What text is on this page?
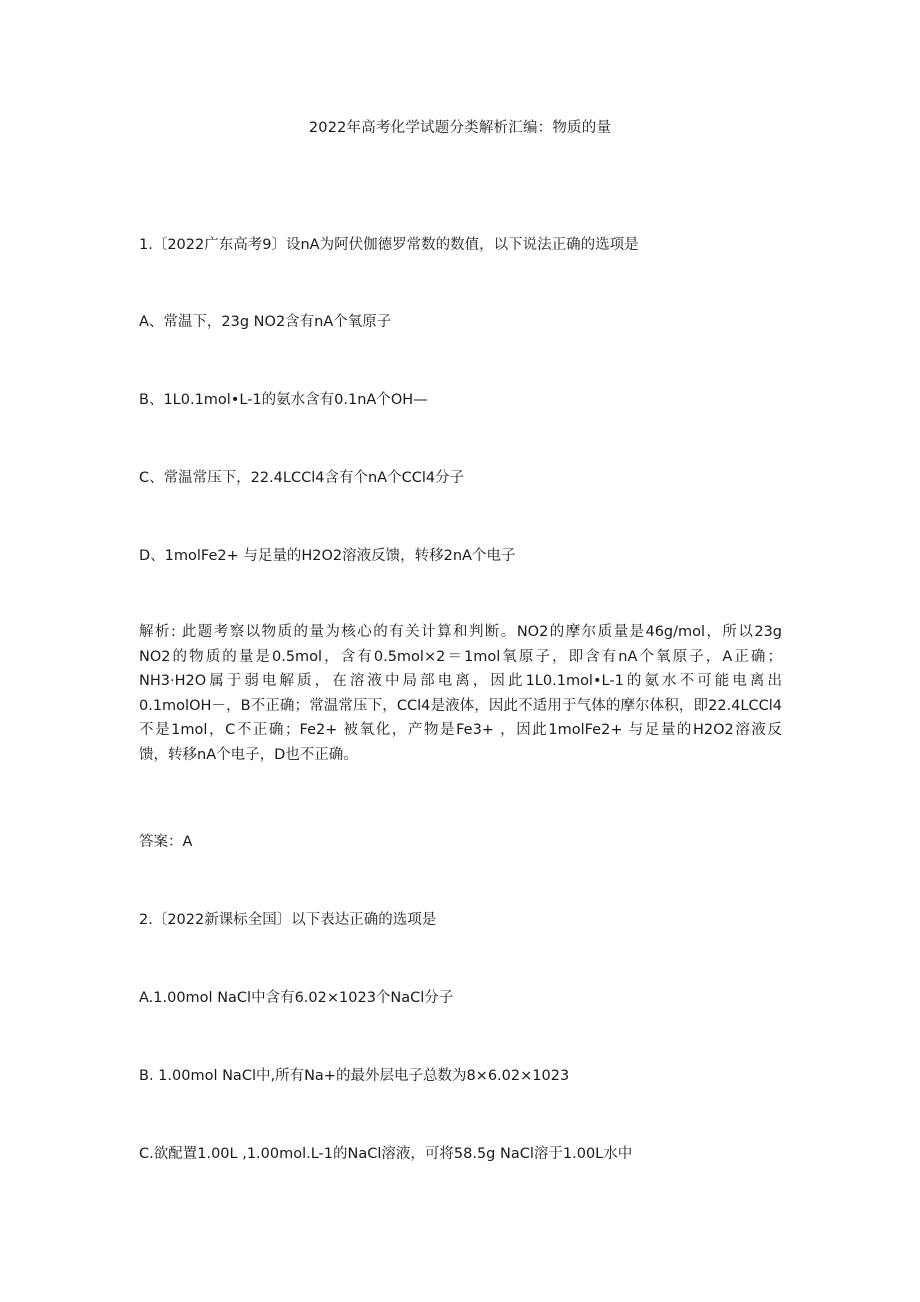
2022年高考化学试题分类解析汇编：物质的量
1.〔2022广东高考9〕设nA为阿伏伽德罗常数的数值，以下说法正确的选项是
A、常温下，23g NO2含有nA个氧原子
B、1L0.1mol•L-1的氨水含有0.1nA个OH—
C、常温常压下，22.4LCCl4含有个nA个CCl4分子
D、1molFe2+ 与足量的H2O2溶液反馈，转移2nA个电子
解析: 此题考察以物质的量为核心的有关计算和判断。NO2的摩尔质量是46g/mol，所以23g
NO2的物质的量是0.5mol，含有0.5mol×2＝1mol氧原子，即含有nA个氧原子，A正确；
NH3·H2O属于弱电解质，在溶液中局部电离，因此1L0.1mol•L-1的氨水不可能电离出
0.1molOH－，B不正确；常温常压下，CCl4是液体，因此不适用于气体的摩尔体积，即22.4LCCl4
不是1mol，C不正确；Fe2+ 被氧化，产物是Fe3+ ，因此1molFe2+ 与足量的H2O2溶液反
馈，转移nA个电子，D也不正确。
答案：A
2.〔2022新课标全国〕以下表达正确的选项是
A.1.00mol NaCl中含有6.02×1023个NaCl分子
B. 1.00mol NaCl中,所有Na+的最外层电子总数为8×6.02×1023
C.欲配置1.00L ,1.00mol.L-1的NaCl溶液，可将58.5g NaCl溶于1.00L水中
